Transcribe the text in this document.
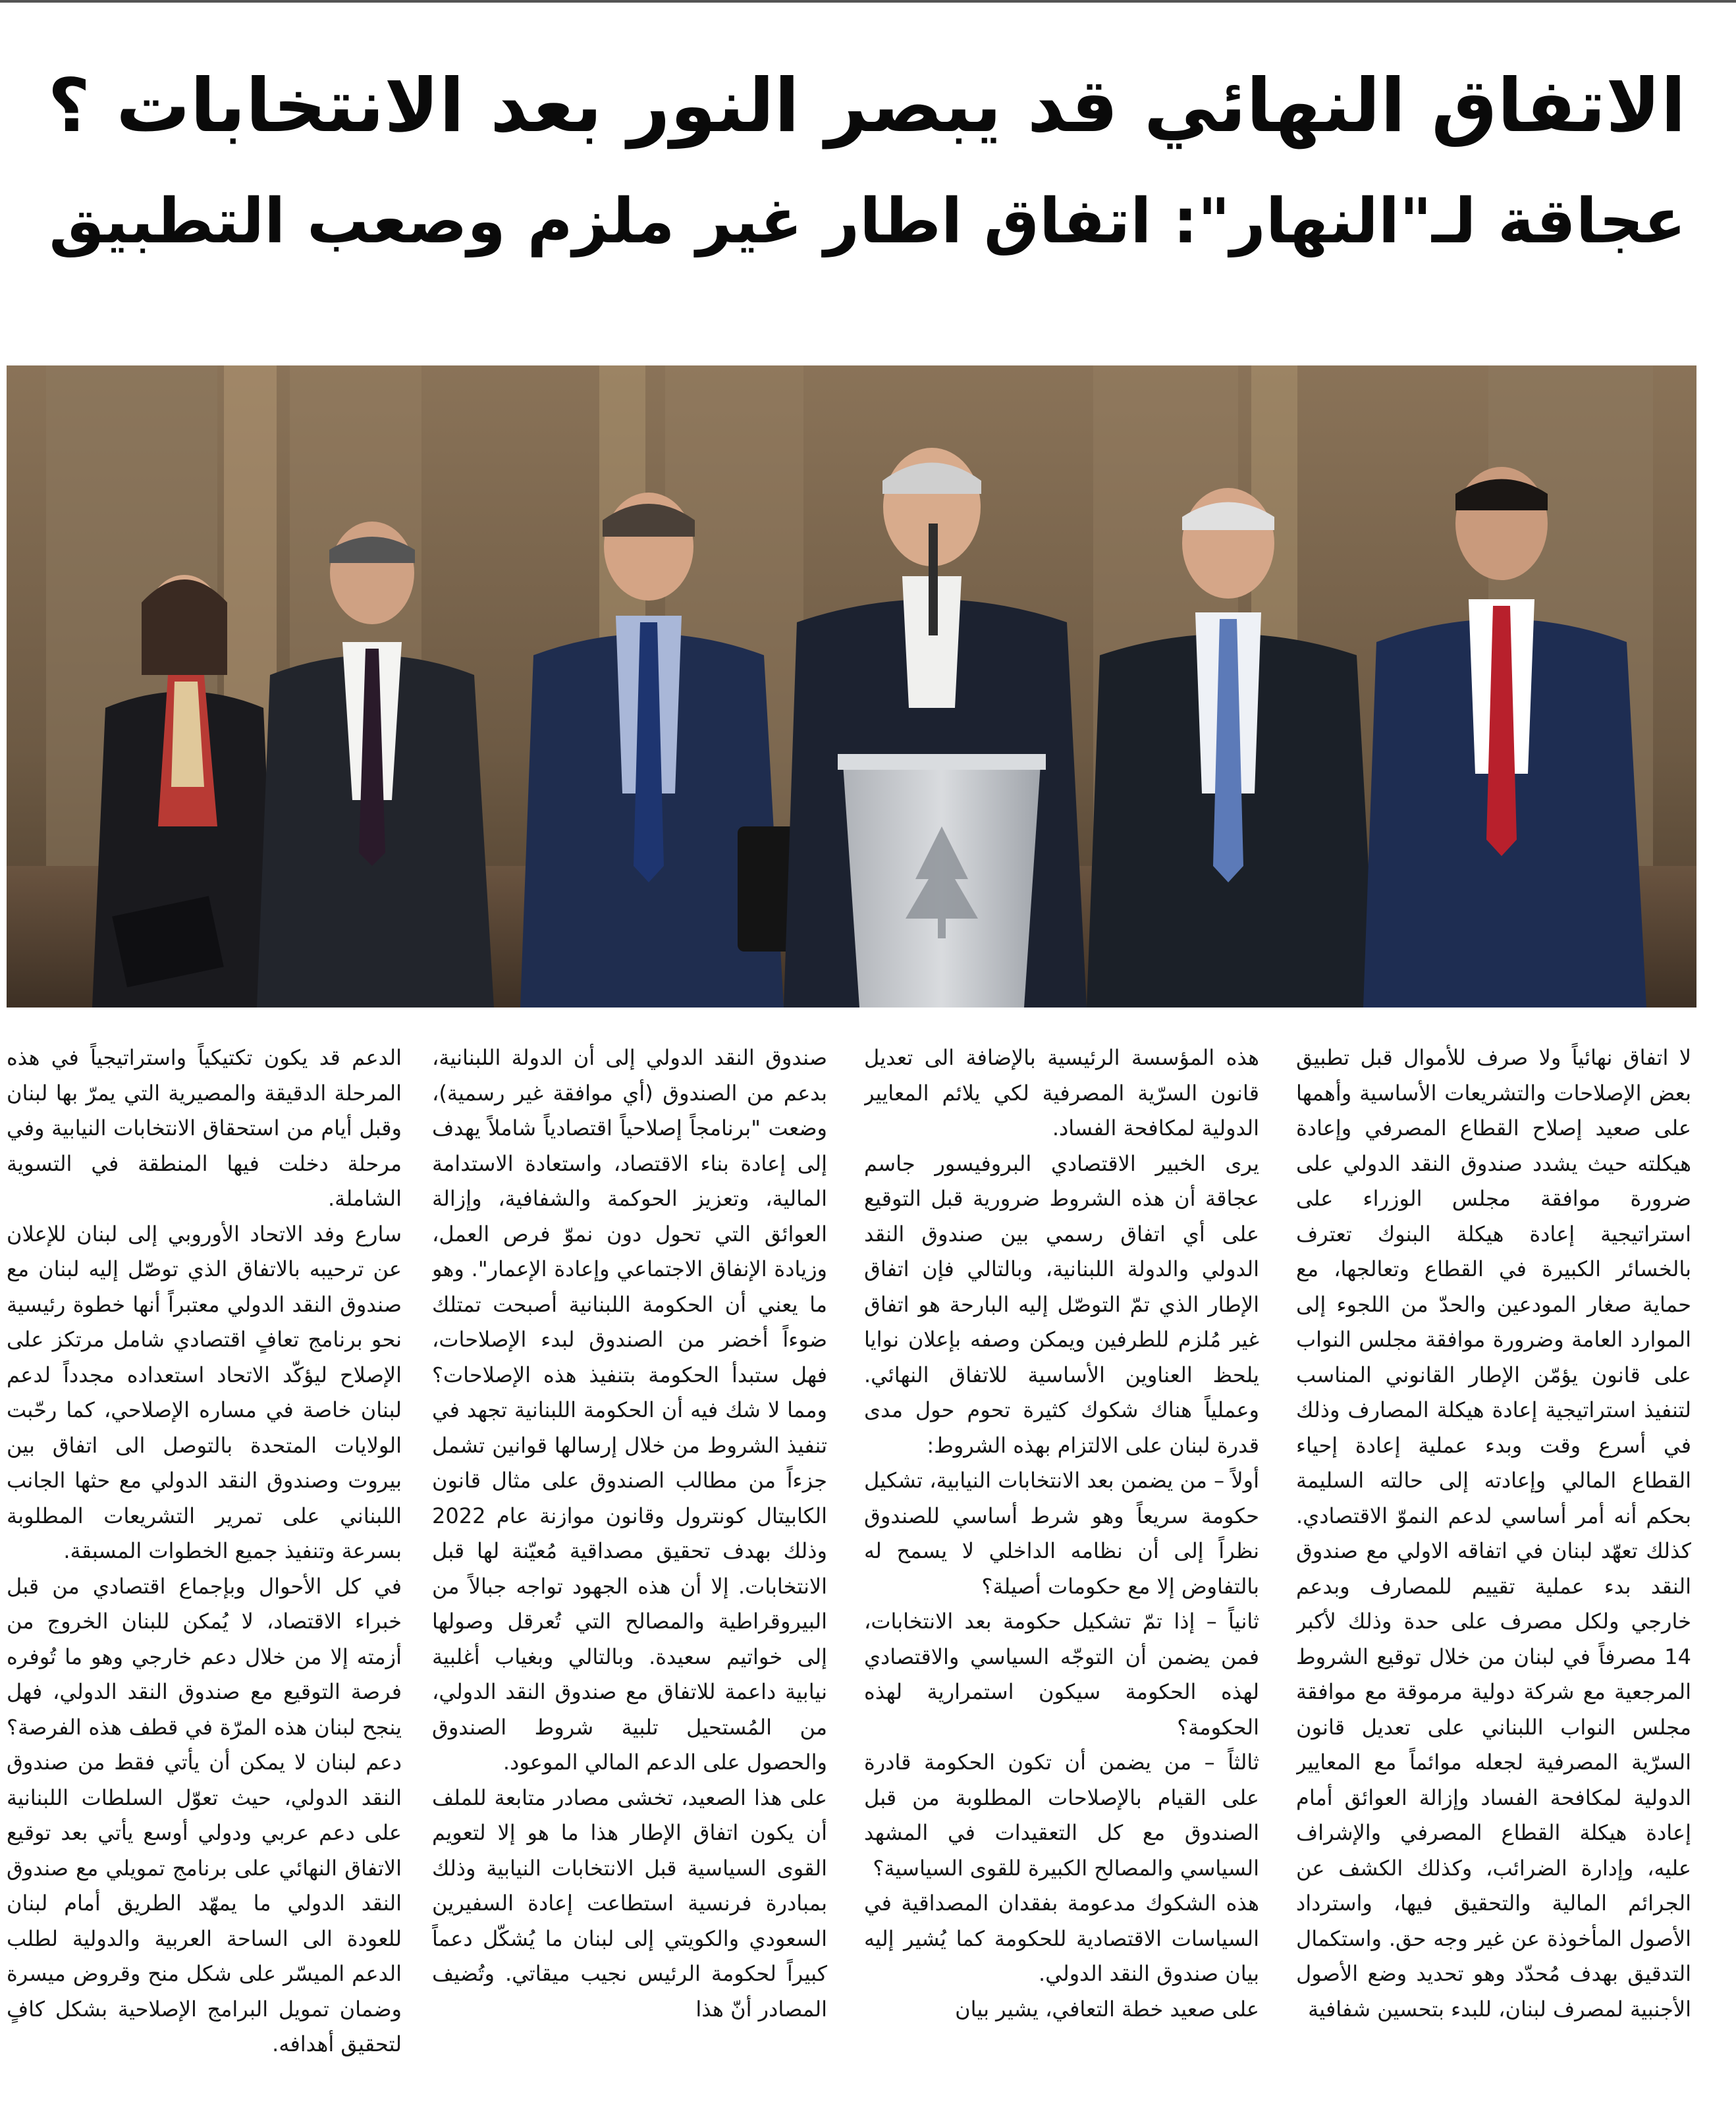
الاتفاق النهائي قد يبصر النور بعد الانتخابات ؟
عجاقة لـ"النهار": اتفاق اطار غير ملزم وصعب التطبيق

لا اتفاق نهائياً ولا صرف للأموال قبل تطبيق بعض الإصلاحات والتشريعات الأساسية وأهمها على صعيد إصلاح القطاع المصرفي وإعادة هيكلته حيث يشدد صندوق النقد الدولي على ضرورة موافقة مجلس الوزراء على استراتيجية إعادة هيكلة البنوك تعترف بالخسائر الكبيرة في القطاع وتعالجها، مع حماية صغار المودعين والحدّ من اللجوء إلى الموارد العامة وضرورة موافقة مجلس النواب على قانون يؤمّن الإطار القانوني المناسب لتنفيذ استراتيجية إعادة هيكلة المصارف وذلك في أسرع وقت وبدء عملية إعادة إحياء القطاع المالي وإعادته إلى حالته السليمة بحكم أنه أمر أساسي لدعم النموّ الاقتصادي. كذلك تعهّد لبنان في اتفاقه الاولي مع صندوق النقد بدء عملية تقييم للمصارف وبدعم خارجي ولكل مصرف على حدة وذلك لأكبر 14 مصرفاً في لبنان من خلال توقيع الشروط المرجعية مع شركة دولية مرموقة مع موافقة مجلس النواب اللبناني على تعديل قانون السرّية المصرفية لجعله موائماً مع المعايير الدولية لمكافحة الفساد وإزالة العوائق أمام إعادة هيكلة القطاع المصرفي والإشراف عليه، وإدارة الضرائب، وكذلك الكشف عن الجرائم المالية والتحقيق فيها، واسترداد الأصول المأخوذة عن غير وجه حق. واستكمال التدقيق بهدف مُحدّد وهو تحديد وضع الأصول الأجنبية لمصرف لبنان، للبدء بتحسين شفافية

هذه المؤسسة الرئيسية بالإضافة الى تعديل قانون السرّية المصرفية لكي يلائم المعايير الدولية لمكافحة الفساد.

يرى الخبير الاقتصادي البروفيسور جاسم عجاقة أن هذه الشروط ضرورية قبل التوقيع على أي اتفاق رسمي بين صندوق النقد الدولي والدولة اللبنانية، وبالتالي فإن اتفاق الإطار الذي تمّ التوصّل إليه البارحة هو اتفاق غير مُلزم للطرفين ويمكن وصفه بإعلان نوايا يلحظ العناوين الأساسية للاتفاق النهائي. وعملياً هناك شكوك كثيرة تحوم حول مدى قدرة لبنان على الالتزام بهذه الشروط:

أولاً – من يضمن بعد الانتخابات النيابية، تشكيل حكومة سريعاً وهو شرط أساسي للصندوق نظراً إلى أن نظامه الداخلي لا يسمح له بالتفاوض إلا مع حكومات أصيلة؟

ثانياً – إذا تمّ تشكيل حكومة بعد الانتخابات، فمن يضمن أن التوجّه السياسي والاقتصادي لهذه الحكومة سيكون استمرارية لهذه الحكومة؟

ثالثاً – من يضمن أن تكون الحكومة قادرة على القيام بالإصلاحات المطلوبة من قبل الصندوق مع كل التعقيدات في المشهد السياسي والمصالح الكبيرة للقوى السياسية؟

هذه الشكوك مدعومة بفقدان المصداقية في السياسات الاقتصادية للحكومة كما يُشير إليه بيان صندوق النقد الدولي.

على صعيد خطة التعافي، يشير بيان

صندوق النقد الدولي إلى أن الدولة اللبنانية، بدعم من الصندوق (أي موافقة غير رسمية)، وضعت "برنامجاً إصلاحياً اقتصادياً شاملاً يهدف إلى إعادة بناء الاقتصاد، واستعادة الاستدامة المالية، وتعزيز الحوكمة والشفافية، وإزالة العوائق التي تحول دون نموّ فرص العمل، وزيادة الإنفاق الاجتماعي وإعادة الإعمار". وهو ما يعني أن الحكومة اللبنانية أصبحت تمتلك ضوءاً أخضر من الصندوق لبدء الإصلاحات، فهل ستبدأ الحكومة بتنفيذ هذه الإصلاحات؟ ومما لا شك فيه أن الحكومة اللبنانية تجهد في تنفيذ الشروط من خلال إرسالها قوانين تشمل جزءاً من مطالب الصندوق على مثال قانون الكابيتال كونترول وقانون موازنة عام 2022 وذلك بهدف تحقيق مصداقية مُعيّنة لها قبل الانتخابات. إلا أن هذه الجهود تواجه جبالاً من البيروقراطية والمصالح التي تُعرقل وصولها إلى خواتيم سعيدة. وبالتالي وبغياب أغلبية نيابية داعمة للاتفاق مع صندوق النقد الدولي، من المُستحيل تلبية شروط الصندوق والحصول على الدعم المالي الموعود.

على هذا الصعيد، تخشى مصادر متابعة للملف أن يكون اتفاق الإطار هذا ما هو إلا لتعويم القوى السياسية قبل الانتخابات النيابية وذلك بمبادرة فرنسية استطاعت إعادة السفيرين السعودي والكويتي إلى لبنان ما يُشكّل دعماً كبيراً لحكومة الرئيس نجيب ميقاتي. وتُضيف المصادر أنّ هذا

الدعم قد يكون تكتيكياً واستراتيجياً في هذه المرحلة الدقيقة والمصيرية التي يمرّ بها لبنان وقبل أيام من استحقاق الانتخابات النيابية وفي مرحلة دخلت فيها المنطقة في التسوية الشاملة.

سارع وفد الاتحاد الأوروبي إلى لبنان للإعلان عن ترحيبه بالاتفاق الذي توصّل إليه لبنان مع صندوق النقد الدولي معتبراً أنها خطوة رئيسية نحو برنامج تعافٍ اقتصادي شامل مرتكز على الإصلاح ليؤكّد الاتحاد استعداده مجدداً لدعم لبنان خاصة في مساره الإصلاحي، كما رحّبت الولايات المتحدة بالتوصل الى اتفاق بين بيروت وصندوق النقد الدولي مع حثها الجانب اللبناني على تمرير التشريعات المطلوبة بسرعة وتنفيذ جميع الخطوات المسبقة.

في كل الأحوال وبإجماع اقتصادي من قبل خبراء الاقتصاد، لا يُمكن للبنان الخروج من أزمته إلا من خلال دعم خارجي وهو ما تُوفره فرصة التوقيع مع صندوق النقد الدولي، فهل ينجح لبنان هذه المرّة في قطف هذه الفرصة؟ دعم لبنان لا يمكن أن يأتي فقط من صندوق النقد الدولي، حيث تعوّل السلطات اللبنانية على دعم عربي ودولي أوسع يأتي بعد توقيع الاتفاق النهائي على برنامج تمويلي مع صندوق النقد الدولي ما يمهّد الطريق أمام لبنان للعودة الى الساحة العربية والدولية لطلب الدعم الميسّر على شكل منح وقروض ميسرة وضمان تمويل البرامج الإصلاحية بشكل كافٍ لتحقيق أهدافه.
